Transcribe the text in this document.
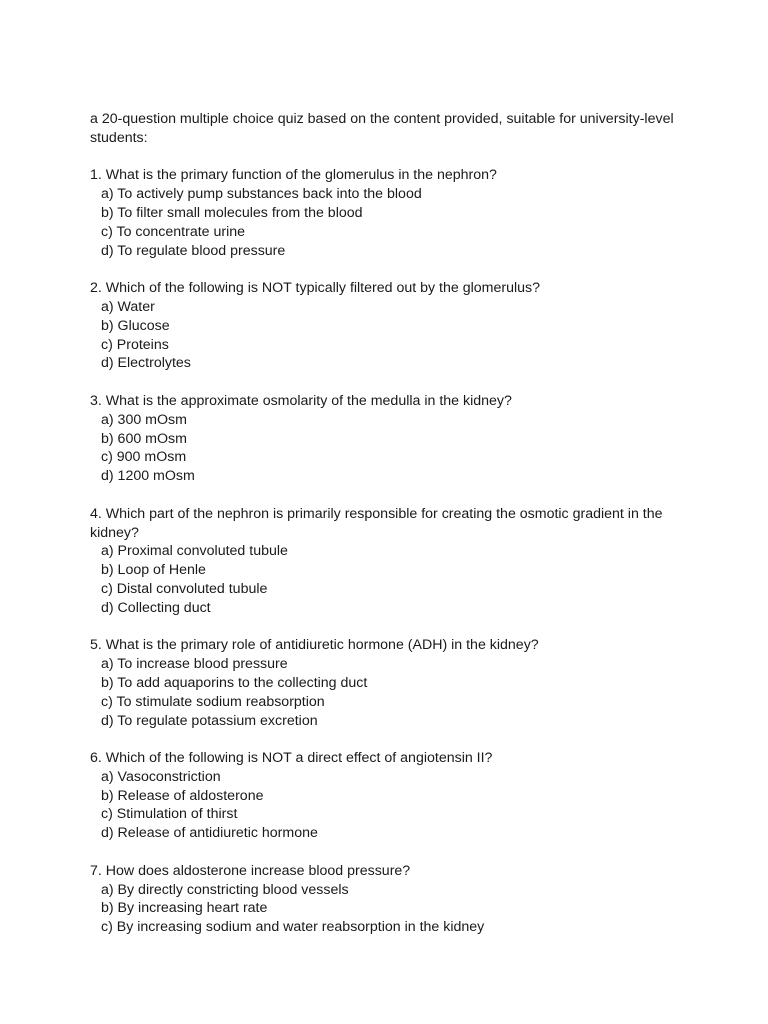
a 20-question multiple choice quiz based on the content provided, suitable for university-level students:

1. What is the primary function of the glomerulus in the nephron?

a) To actively pump substances back into the blood
b) To filter small molecules from the blood
c) To concentrate urine
d) To regulate blood pressure

2. Which of the following is NOT typically filtered out by the glomerulus?

a) Water
b) Glucose
c) Proteins
d) Electrolytes

3. What is the approximate osmolarity of the medulla in the kidney?

a) 300 mOsm
b) 600 mOsm
c) 900 mOsm
d) 1200 mOsm

4. Which part of the nephron is primarily responsible for creating the osmotic gradient in the kidney?

a) Proximal convoluted tubule
b) Loop of Henle
c) Distal convoluted tubule
d) Collecting duct

5. What is the primary role of antidiuretic hormone (ADH) in the kidney?

a) To increase blood pressure
b) To add aquaporins to the collecting duct
c) To stimulate sodium reabsorption
d) To regulate potassium excretion

6. Which of the following is NOT a direct effect of angiotensin II?

a) Vasoconstriction
b) Release of aldosterone
c) Stimulation of thirst
d) Release of antidiuretic hormone

7. How does aldosterone increase blood pressure?

a) By directly constricting blood vessels
b) By increasing heart rate
c) By increasing sodium and water reabsorption in the kidney
